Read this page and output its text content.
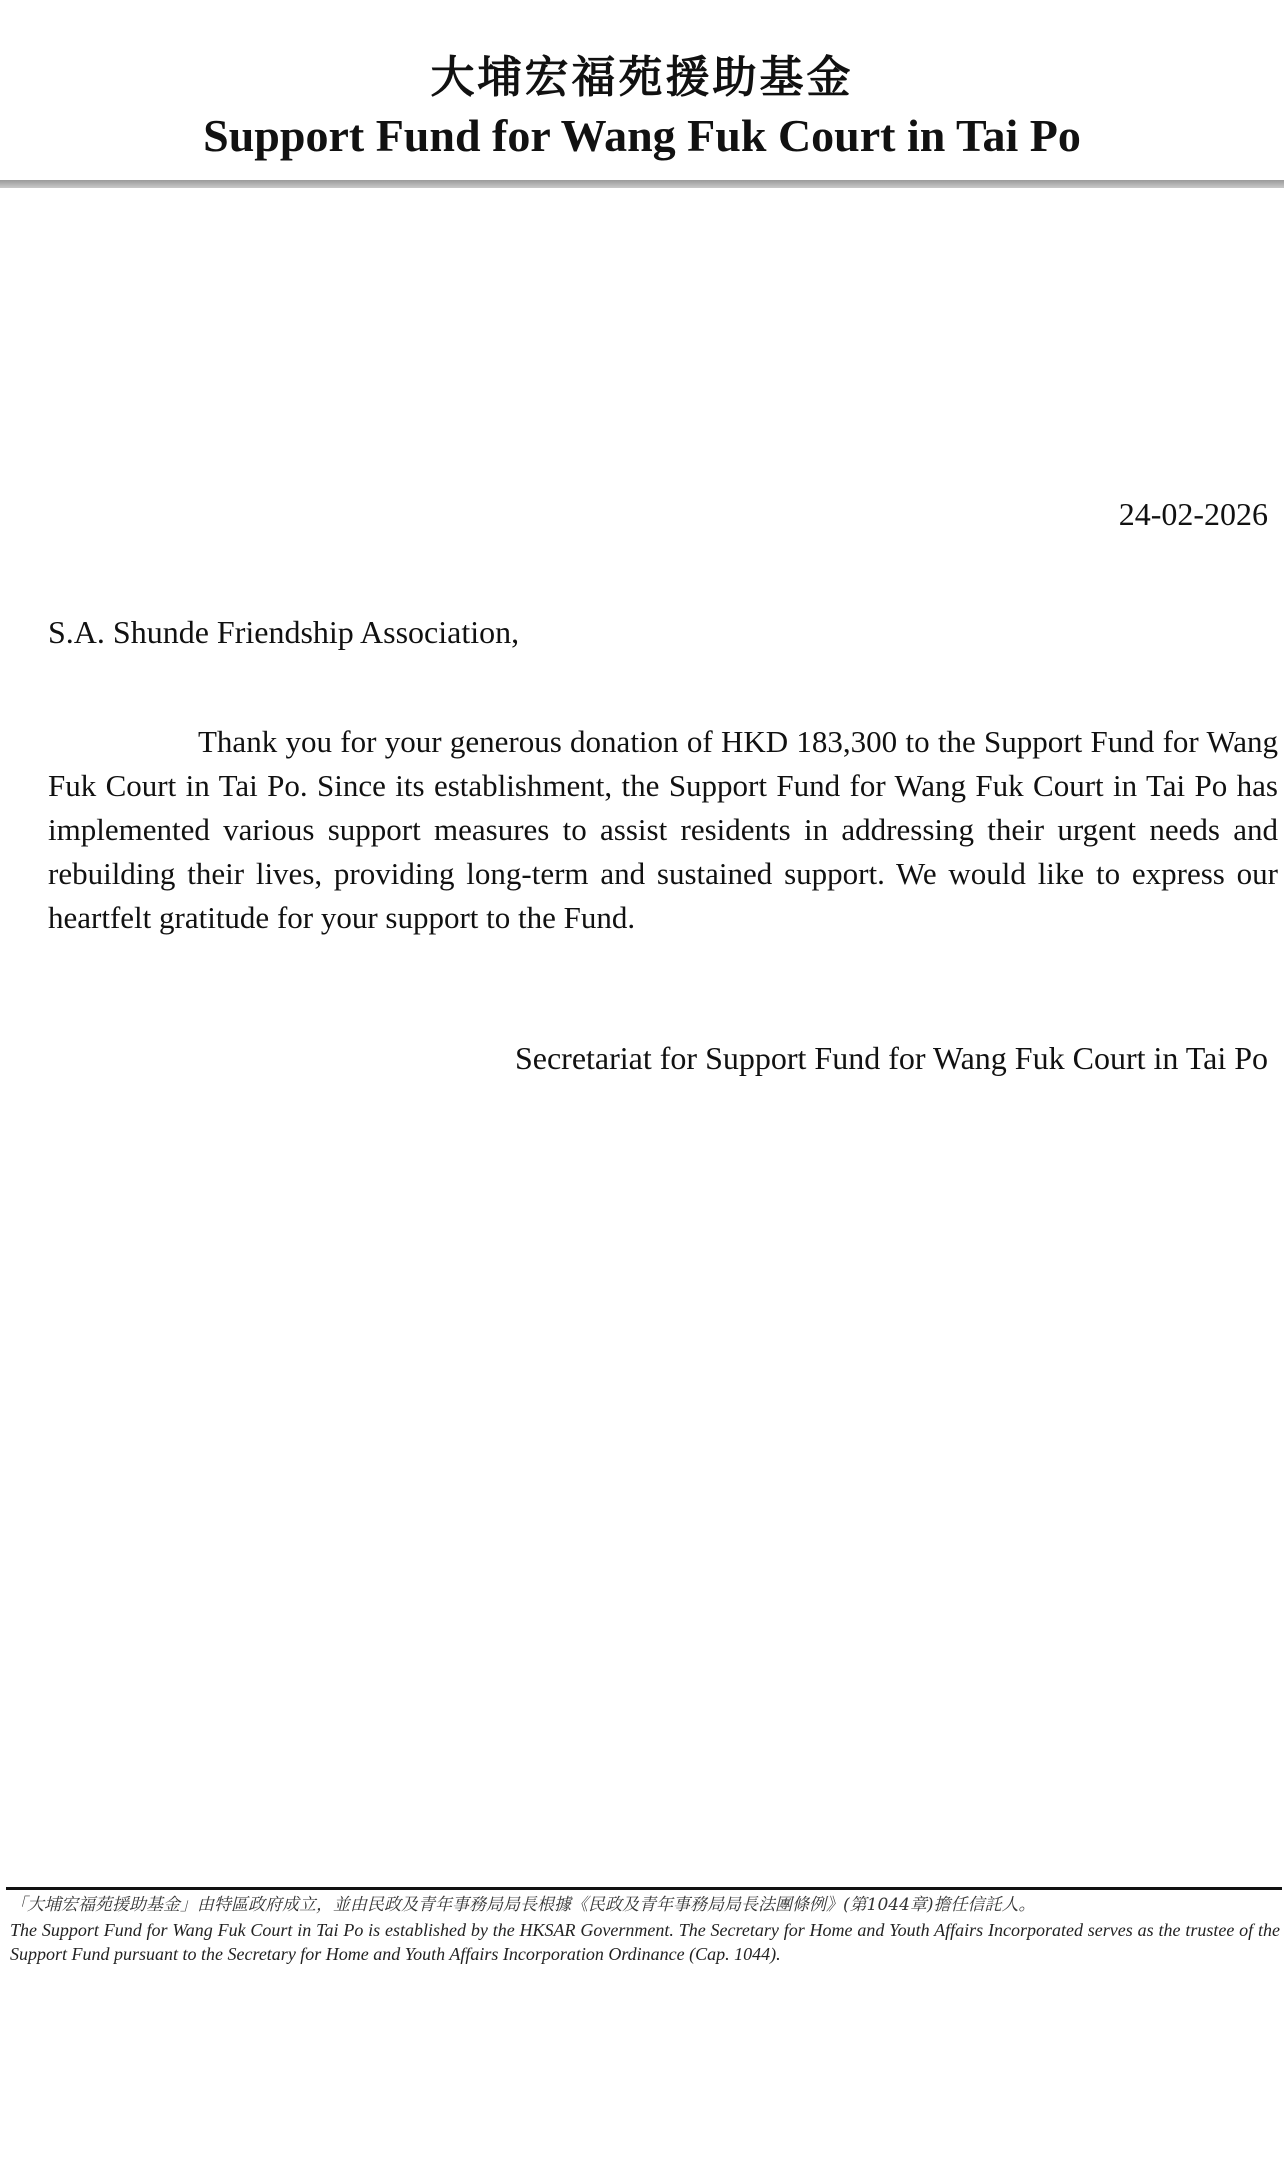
大埔宏福苑援助基金
Support Fund for Wang Fuk Court in Tai Po
24-02-2026
S.A. Shunde Friendship Association,

Thank you for your generous donation of HKD 183,300 to the Support Fund for Wang Fuk Court in Tai Po. Since its establishment, the Support Fund for Wang Fuk Court in Tai Po has implemented various support measures to assist residents in addressing their urgent needs and rebuilding their lives, providing long-term and sustained support. We would like to express our heartfelt gratitude for your support to the Fund.

Secretariat for Support Fund for Wang Fuk Court in Tai Po
「大埔宏福苑援助基金」由特區政府成立，並由民政及青年事務局局長根據《民政及青年事務局局長法團條例》(第1044章)擔任信託人。

The Support Fund for Wang Fuk Court in Tai Po is established by the HKSAR Government. The Secretary for Home and Youth Affairs Incorporated serves as the trustee of the Support Fund pursuant to the Secretary for Home and Youth Affairs Incorporation Ordinance (Cap. 1044).
